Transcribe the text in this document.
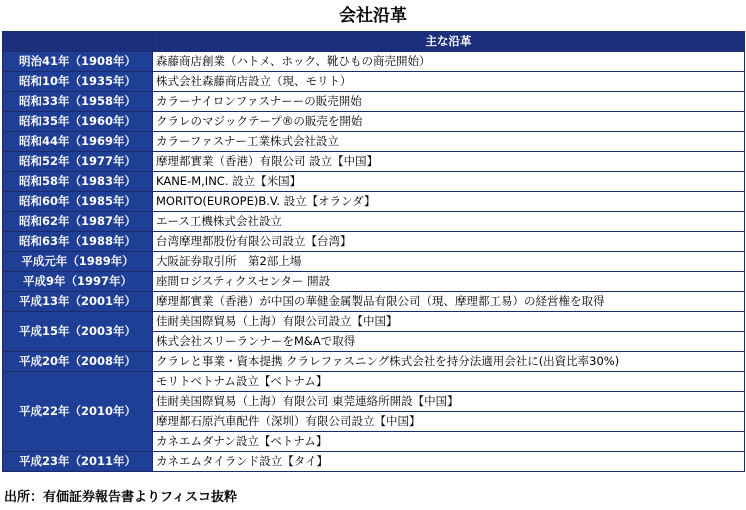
会社沿革
	主な沿革
明治41年（1908年）	森藤商店創業（ハトメ、ホック、靴ひもの商売開始）
昭和10年（1935年）	株式会社森藤商店設立（現、モリト）
昭和33年（1958年）	カラーナイロンファスナーーの販売開始
昭和35年（1960年）	クラレのマジックテープ®の販売を開始
昭和44年（1969年）	カラーファスナー工業株式会社設立
昭和52年（1977年）	摩理都實業（香港）有限公司 設立【中国】
昭和58年（1983年）	KANE-M,INC. 設立【米国】
昭和60年（1985年）	MORITO(EUROPE)B.V. 設立【オランダ】
昭和62年（1987年）	エース工機株式会社設立
昭和63年（1988年）	台湾摩理都股份有限公司設立【台湾】
平成元年（1989年）	大阪証券取引所　第2部上場
平成9年（1997年）	座間ロジスティクスセンター 開設
平成13年（2001年）	摩理都實業（香港）が中国の華健金属製品有限公司（現、摩理都工易）の経営権を取得
平成15年（2003年）	佳耐美国際貿易（上海）有限公司設立【中国】
	株式会社スリーランナーをM&Aで取得
平成20年（2008年）	クラレと事業・資本提携 クラレファスニング株式会社を持分法適用会社に(出資比率30%)
平成22年（2010年）	モリトベトナム設立【ベトナム】
	佳耐美国際貿易（上海）有限公司 東莞連絡所開設【中国】
	摩理都石原汽車配件（深圳）有限公司設立【中国】
	カネエムダナン設立【ベトナム】
平成23年（2011年）	カネエムタイランド設立【タイ】
出所：有価証券報告書よりフィスコ抜粋
